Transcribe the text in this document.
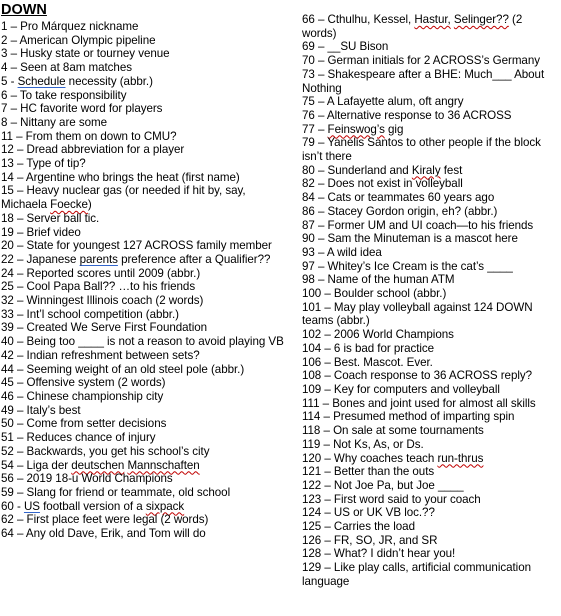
DOWN
1 – Pro Márquez nickname
2 – American Olympic pipeline
3 – Husky state or tourney venue
4 – Seen at 8am matches
5 - Schedule necessity (abbr.)
6 – To take responsibility
7 – HC favorite word for players
8 – Nittany are some
11 – From them on down to CMU?
12 – Dread abbreviation for a player
13 – Type of tip?
14 – Argentine who brings the heat (first name)
15 – Heavy nuclear gas (or needed if hit by, say, Michaela Foecke)
18 – Server ball tic.
19 – Brief video
20 – State for youngest 127 ACROSS family member
22 – Japanese parents preference after a Qualifier??
24 – Reported scores until 2009 (abbr.)
25 – Cool Papa Ball?? …to his friends
32 – Winningest Illinois coach (2 words)
33 – Int’l school competition (abbr.)
39 – Created We Serve First Foundation
40 – Being too ____ is not a reason to avoid playing VB
42 – Indian refreshment between sets?
44 – Seeming weight of an old steel pole (abbr.)
45 – Offensive system (2 words)
46 – Chinese championship city
49 – Italy’s best
50 – Come from setter decisions
51 – Reduces chance of injury
52 – Backwards, you get his school’s city
54 – Liga der deutschen Mannschaften
56 – 2019 18-u World Champions
59 – Slang for friend or teammate, old school
60 - US football version of a sixpack
62 – First place feet were legal (2 words)
64 – Any old Dave, Erik, and Tom will do
66 – Cthulhu, Kessel, Hastur, Selinger?? (2 words)
69 – __SU Bison
70 – German initials for 2 ACROSS’s Germany
73 – Shakespeare after a BHE: Much___ About Nothing
75 – A Lafayette alum, oft angry
76 – Alternative response to 36 ACROSS
77 – Feinswog’s gig
79 – Yanelis Santos to other people if the block isn’t there
80 – Sunderland and Kiraly fest
82 – Does not exist in volleyball
84 – Cats or teammates 60 years ago
86 – Stacey Gordon origin, eh? (abbr.)
87 – Former UM and UI coach—to his friends
90 – Sam the Minuteman is a mascot here
93 – A wild idea
97 – Whitey’s Ice Cream is the cat’s ____
98 – Name of the human ATM
100 – Boulder school (abbr.)
101 – May play volleyball against 124 DOWN teams (abbr.)
102 – 2006 World Champions
104 – 6 is bad for practice
106 – Best. Mascot. Ever.
108 – Coach response to 36 ACROSS reply?
109 – Key for computers and volleyball
111 – Bones and joint used for almost all skills
114 – Presumed method of imparting spin
118 – On sale at some tournaments
119 – Not Ks, As, or Ds.
120 – Why coaches teach run-thrus
121 – Better than the outs
122 – Not Joe Pa, but Joe ____
123 – First word said to your coach
124 – US or UK VB loc.??
125 – Carries the load
126 – FR, SO, JR, and SR
128 – What? I didn’t hear you!
129 – Like play calls, artificial communication language
